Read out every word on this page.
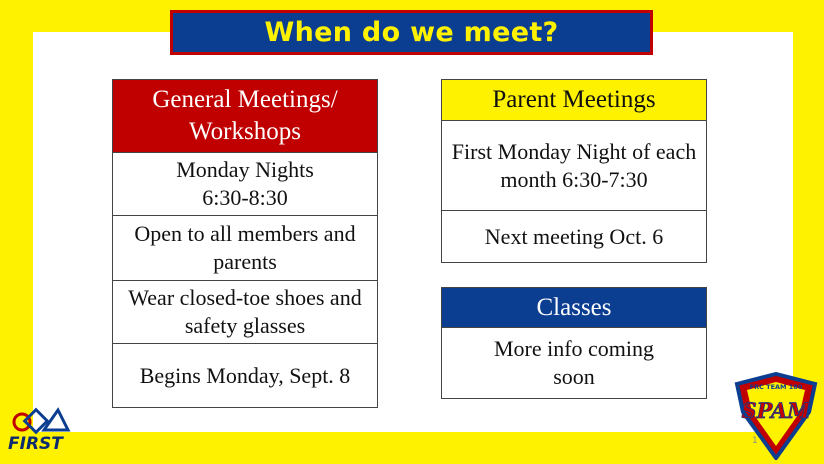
When do we meet?
General Meetings/ Workshops
Monday Nights 6:30-8:30
Open to all members and parents
Wear closed-toe shoes and safety glasses
Begins Monday, Sept. 8
Parent Meetings
First Monday Night of each month 6:30-7:30
Next meeting Oct. 6
Classes
More info coming soon
FIRST
FRC TEAM 180
SPAM
1
